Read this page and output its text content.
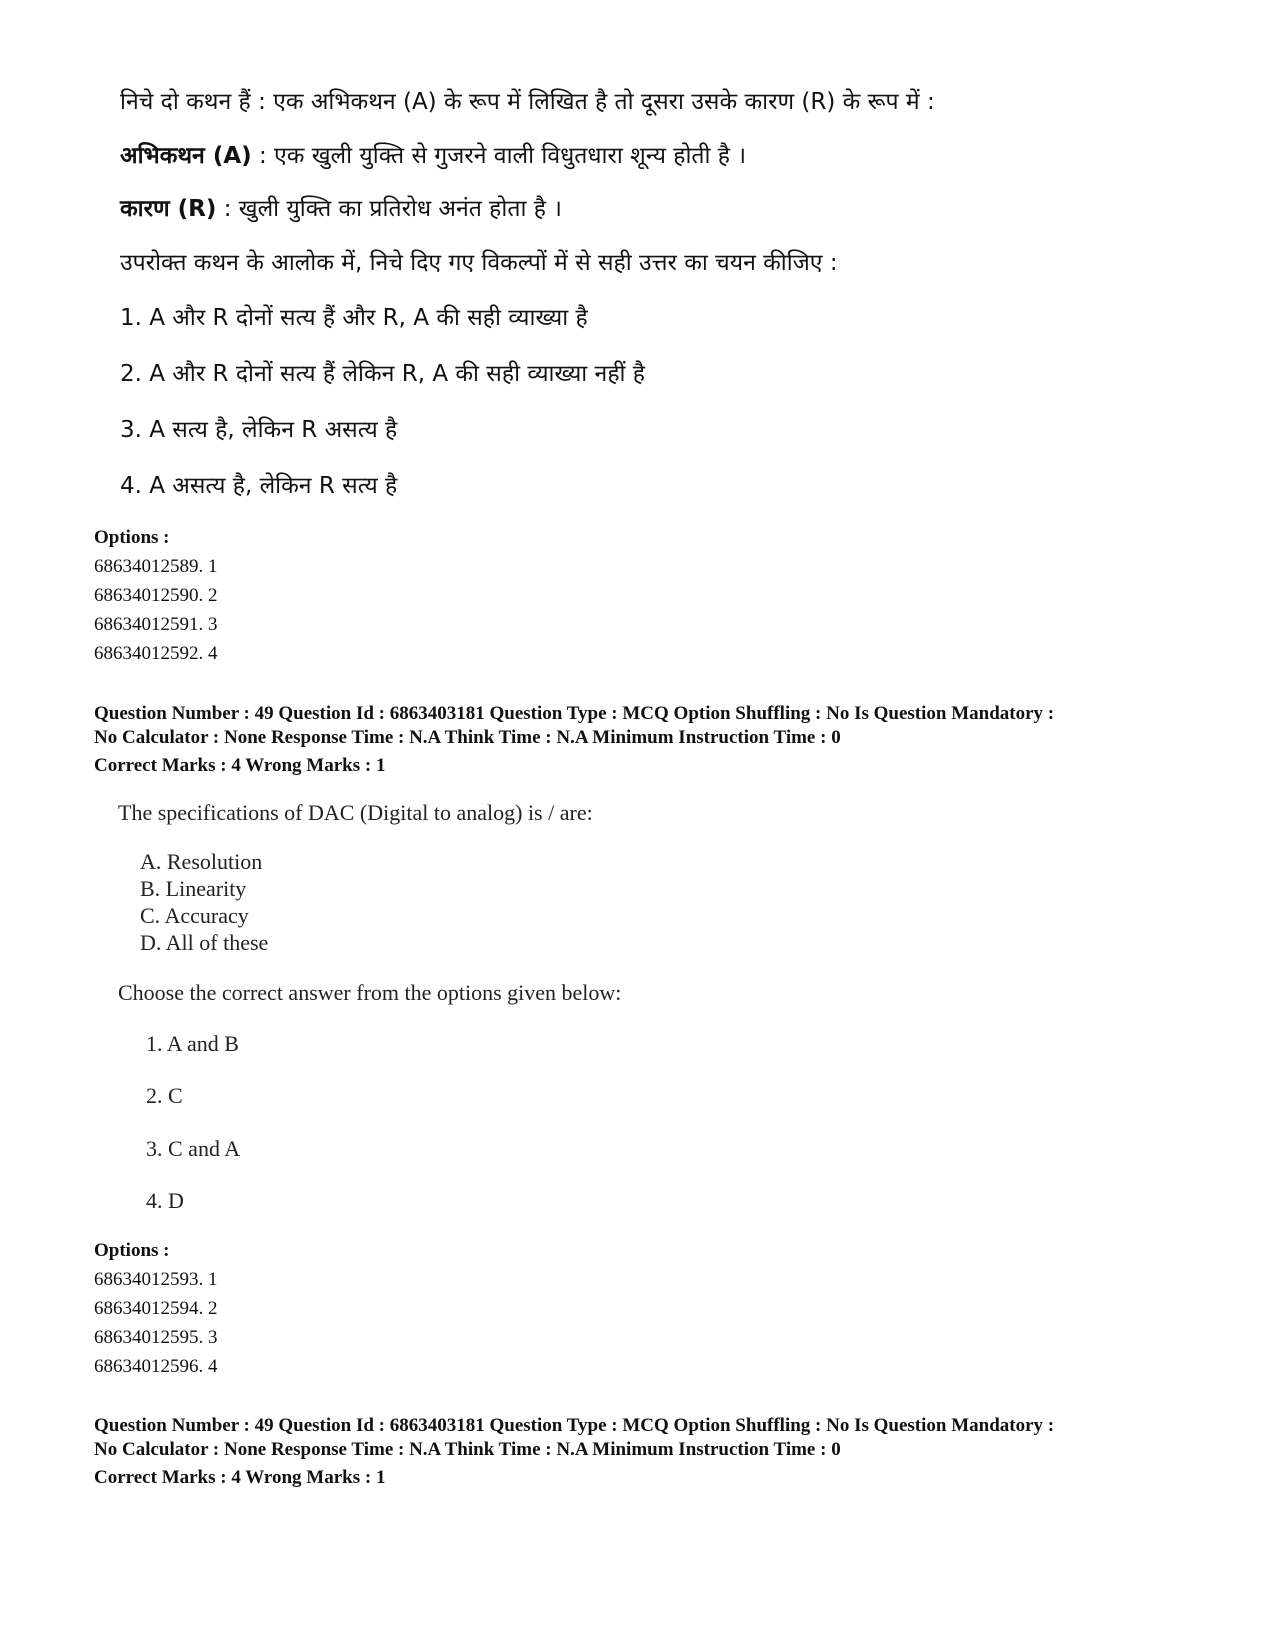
निचे दो कथन हैं : एक अभिकथन (A) के रूप में लिखित है तो दूसरा उसके कारण (R) के रूप में :
अभिकथन (A) : एक खुली युक्ति से गुजरने वाली विधुतधारा शून्य होती है ।
कारण (R) : खुली युक्ति का प्रतिरोध अनंत होता है ।
उपरोक्त कथन के आलोक में, निचे दिए गए विकल्पों में से सही उत्तर का चयन कीजिए :
1. A और R दोनों सत्य हैं और R, A की सही व्याख्या है
2. A और R दोनों सत्य हैं लेकिन R, A की सही व्याख्या नहीं है
3. A सत्य है, लेकिन R असत्य है
4. A असत्य है, लेकिन R सत्य है
Options :
68634012589. 1
68634012590. 2
68634012591. 3
68634012592. 4
Question Number : 49 Question Id : 6863403181 Question Type : MCQ Option Shuffling : No Is Question Mandatory :
No Calculator : None Response Time : N.A Think Time : N.A Minimum Instruction Time : 0
Correct Marks : 4 Wrong Marks : 1
The specifications of DAC (Digital to analog) is / are:
A. Resolution
B. Linearity
C. Accuracy
D. All of these
Choose the correct answer from the options given below:
1. A and B
2. C
3. C and A
4. D
Options :
68634012593. 1
68634012594. 2
68634012595. 3
68634012596. 4
Question Number : 49 Question Id : 6863403181 Question Type : MCQ Option Shuffling : No Is Question Mandatory :
No Calculator : None Response Time : N.A Think Time : N.A Minimum Instruction Time : 0
Correct Marks : 4 Wrong Marks : 1
